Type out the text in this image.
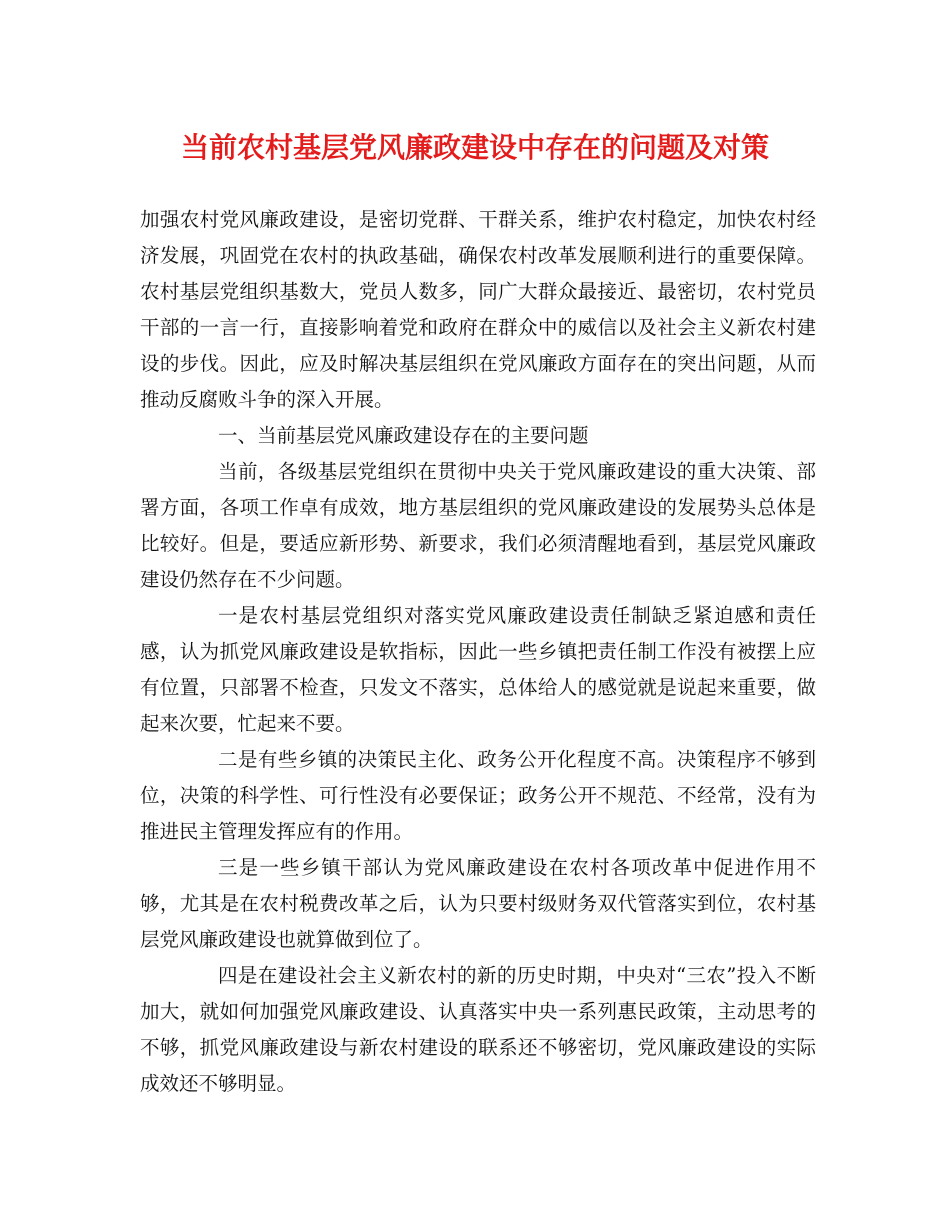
当前农村基层党风廉政建设中存在的问题及对策

加强农村党风廉政建设，是密切党群、干群关系，维护农村稳定，加快农村经济发展，巩固党在农村的执政基础，确保农村改革发展顺利进行的重要保障。农村基层党组织基数大，党员人数多，同广大群众最接近、最密切，农村党员干部的一言一行，直接影响着党和政府在群众中的威信以及社会主义新农村建设的步伐。因此，应及时解决基层组织在党风廉政方面存在的突出问题，从而推动反腐败斗争的深入开展。

一、当前基层党风廉政建设存在的主要问题

当前，各级基层党组织在贯彻中央关于党风廉政建设的重大决策、部署方面，各项工作卓有成效，地方基层组织的党风廉政建设的发展势头总体是比较好。但是，要适应新形势、新要求，我们必须清醒地看到，基层党风廉政建设仍然存在不少问题。

一是农村基层党组织对落实党风廉政建设责任制缺乏紧迫感和责任感，认为抓党风廉政建设是软指标，因此一些乡镇把责任制工作没有被摆上应有位置，只部署不检查，只发文不落实，总体给人的感觉就是说起来重要，做起来次要，忙起来不要。

二是有些乡镇的决策民主化、政务公开化程度不高。决策程序不够到位，决策的科学性、可行性没有必要保证；政务公开不规范、不经常，没有为推进民主管理发挥应有的作用。

三是一些乡镇干部认为党风廉政建设在农村各项改革中促进作用不够，尤其是在农村税费改革之后，认为只要村级财务双代管落实到位，农村基层党风廉政建设也就算做到位了。

四是在建设社会主义新农村的新的历史时期，中央对“三农”投入不断加大，就如何加强党风廉政建设、认真落实中央一系列惠民政策，主动思考的不够，抓党风廉政建设与新农村建设的联系还不够密切，党风廉政建设的实际成效还不够明显。
